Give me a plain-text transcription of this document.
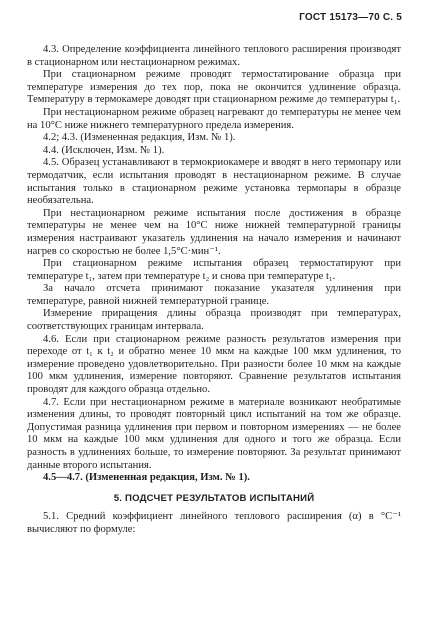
ГОСТ 15173—70 С. 5

4.3. Определение коэффициента линейного теплового расширения производят в стационарном или нестационарном режимах.

При стационарном режиме проводят термостатирование образца при температуре измерения до тех пор, пока не окончится удлинение образца. Температуру в термокамере доводят при стационарном режиме до температуры t₁.

При нестационарном режиме образец нагревают до температуры не менее чем на 10°С ниже нижнего температурного предела измерения.

4.2; 4.3. (Измененная редакция, Изм. № 1).

4.4. (Исключен, Изм. № 1).

4.5. Образец устанавливают в термокриокамере и вводят в него термопару или термодатчик, если испытания проводят в нестационарном режиме. В случае испытания только в стационарном режиме установка термопары в образце необязательна.

При нестационарном режиме испытания после достижения в образце температуры не менее чем на 10°С ниже нижней температурной границы измерения настраивают указатель удлинения на начало измерения и начинают нагрев со скоростью не более 1,5°С·мин⁻¹.

При стационарном режиме испытания образец термостатируют при температуре t₁, затем при температуре t₂ и снова при температуре t₁.

За начало отсчета принимают показание указателя удлинения при температуре, равной нижней температурной границе.

Измерение приращения длины образца производят при температурах, соответствующих границам интервала.

4.6. Если при стационарном режиме разность результатов измерения при переходе от t₁ к t₂ и обратно менее 10 мкм на каждые 100 мкм удлинения, то измерение проведено удовлетворительно. При разности более 10 мкм на каждые 100 мкм удлинения, измерение повторяют. Сравнение результатов испытания проводят для каждого образца отдельно.

4.7. Если при нестационарном режиме в материале возникают необратимые изменения длины, то проводят повторный цикл испытаний на том же образце. Допустимая разница удлинения при первом и повторном измерениях — не более 10 мкм на каждые 100 мкм удлинения для одного и того же образца. Если разность в удлинениях больше, то измерение повторяют. За результат принимают данные второго испытания.

4.5—4.7. (Измененная редакция, Изм. № 1).

5. ПОДСЧЕТ РЕЗУЛЬТАТОВ ИСПЫТАНИЙ

5.1. Средний коэффициент линейного теплового расширения (α) в °С⁻¹ вычисляют по формуле:
